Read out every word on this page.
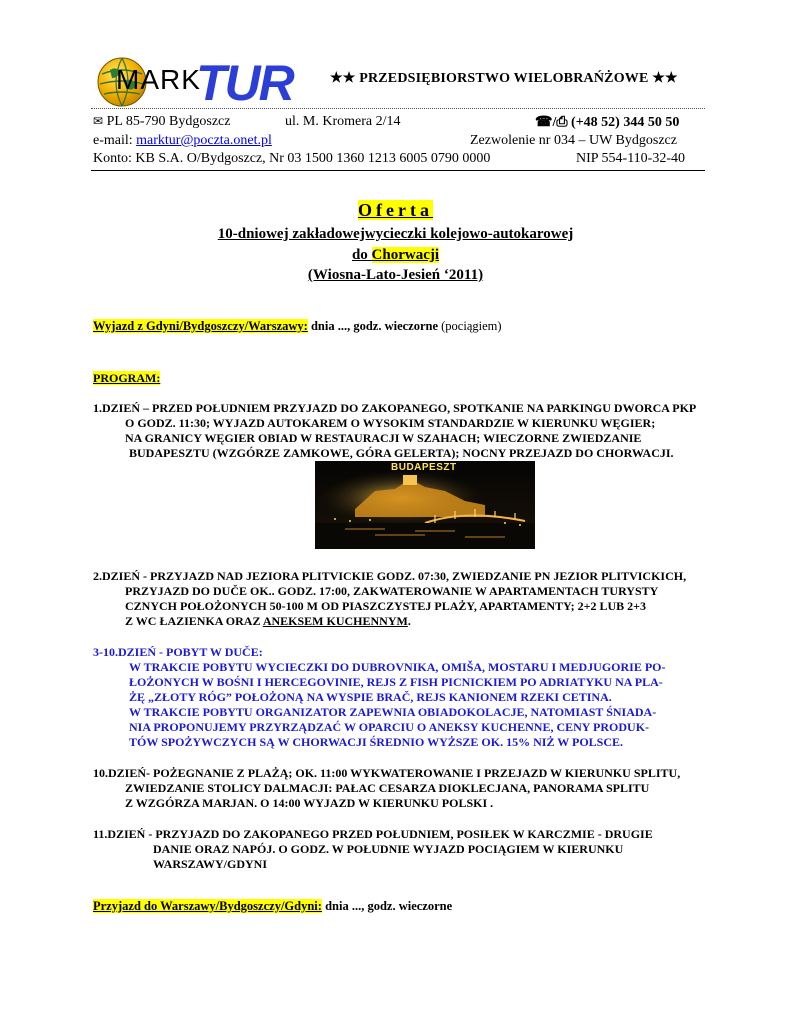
MARK
TUR	★★ PRZEDSIĘBIORSTWO WIELOBRAŃŻOWE ★★
✉ PL 85-790 Bydgoszcz	ul. M. Kromera 2/14	☎/⎙ (+48 52) 344 50 50
e-mail: marktur@poczta.onet.pl	Zezwolenie nr 034 – UW Bydgoszcz
Konto: KB S.A. O/Bydgoszcz, Nr 03 1500 1360 1213 6005 0790 0000	NIP 554-110-32-40
Oferta
10-dniowej zakładowejwycieczki kolejowo-autokarowej
do Chorwacji
(Wiosna-Lato-Jesień ‘2011)
Wyjazd z Gdyni/Bydgoszczy/Warszawy: dnia ..., godz. wieczorne (pociągiem)
PROGRAM:
1.DZIEŃ – PRZED POŁUDNIEM PRZYJAZD DO ZAKOPANEGO, SPOTKANIE NA PARKINGU DWORCA PKP
O GODZ. 11:30; WYJAZD AUTOKAREM O WYSOKIM STANDARDZIE W KIERUNKU WĘGIER;
NA GRANICY WĘGIER OBIAD W RESTAURACJI W SZAHACH; WIECZORNE ZWIEDZANIE
BUDAPESZTU (WZGÓRZE ZAMKOWE, GÓRA GELERTA); NOCNY PRZEJAZD DO CHORWACJI.
BUDAPESZT
2.DZIEŃ - PRZYJAZD NAD JEZIORA PLITVICKIE GODZ. 07:30, ZWIEDZANIE PN JEZIOR PLITVICKICH,
PRZYJAZD DO DUČE OK.. GODZ. 17:00, ZAKWATEROWANIE W APARTAMENTACH TURYSTY
CZNYCH POŁOŻONYCH 50-100 M OD PIASZCZYSTEJ PLAŻY, APARTAMENTY; 2+2 LUB 2+3
Z WC ŁAZIENKA ORAZ ANEKSEM KUCHENNYM.
3-10.DZIEŃ - POBYT W DUČE:
W TRAKCIE POBYTU WYCIECZKI DO DUBROVNIKA, OMIŠA, MOSTARU I MEDJUGORIE PO-
ŁOŻONYCH W BOŚNI I HERCEGOVINIE, REJS Z FISH PICNICKIEM PO ADRIATYKU NA PLA-
ŻĘ „ZŁOTY RÓG” POŁOŻONĄ NA WYSPIE BRAČ, REJS KANIONEM RZEKI CETINA.
W TRAKCIE POBYTU ORGANIZATOR ZAPEWNIA OBIADOKOLACJE, NATOMIAST ŚNIADA-
NIA PROPONUJEMY PRZYRZĄDZAĆ W OPARCIU O ANEKSY KUCHENNE, CENY PRODUK-
TÓW SPOŻYWCZYCH SĄ W CHORWACJI ŚREDNIO WYŻSZE OK. 15% NIŻ W POLSCE.
10.DZIEŃ- POŻEGNANIE Z PLAŻĄ; OK. 11:00 WYKWATEROWANIE I PRZEJAZD W KIERUNKU SPLITU,
ZWIEDZANIE STOLICY DALMACJI: PAŁAC CESARZA DIOKLECJANA, PANORAMA SPLITU
Z WZGÓRZA MARJAN. O 14:00 WYJAZD W KIERUNKU POLSKI .
11.DZIEŃ - PRZYJAZD DO ZAKOPANEGO PRZED POŁUDNIEM, POSIŁEK W KARCZMIE - DRUGIE
DANIE ORAZ NAPÓJ. O GODZ. W POŁUDNIE WYJAZD POCIĄGIEM W KIERUNKU
WARSZAWY/GDYNI
Przyjazd do Warszawy/Bydgoszczy/Gdyni: dnia ..., godz. wieczorne
